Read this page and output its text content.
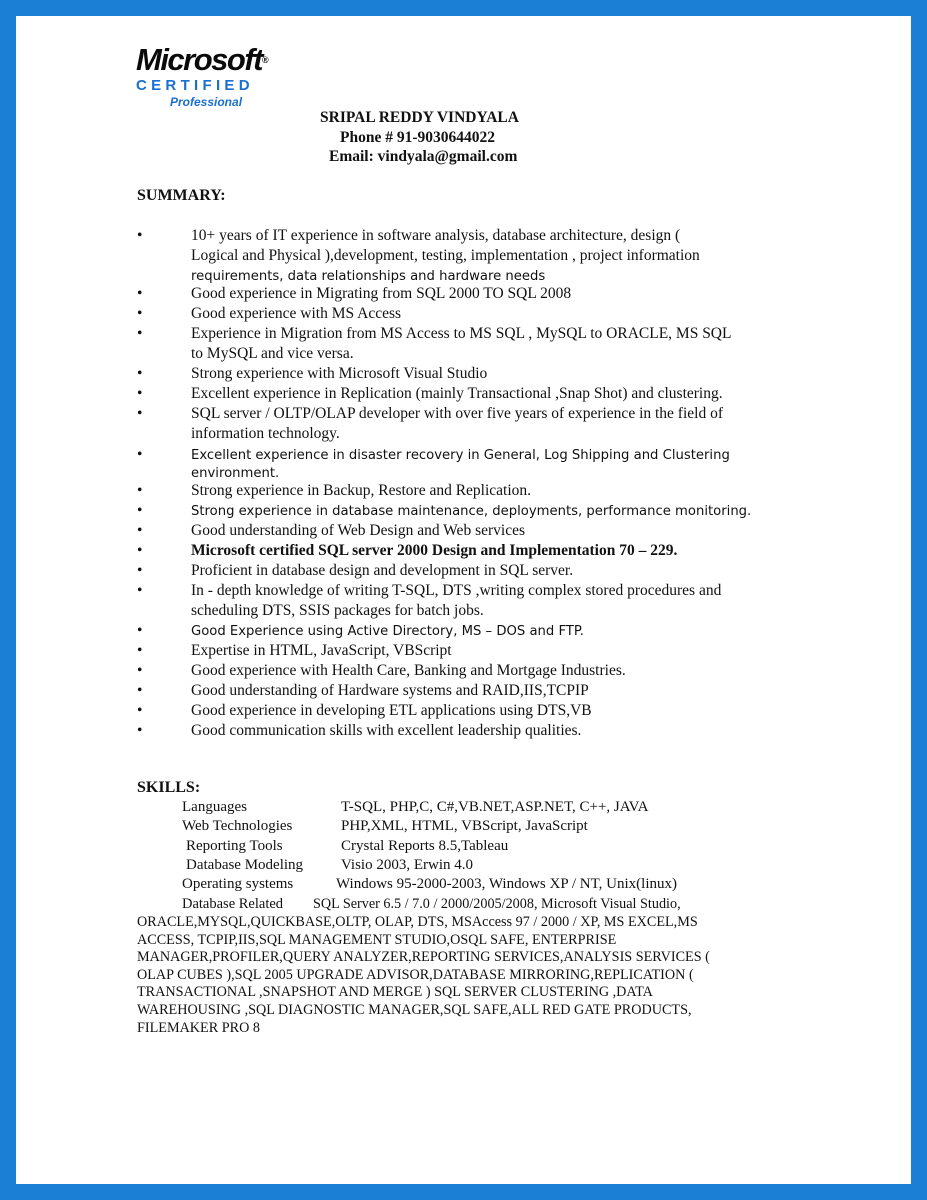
Microsoft®
CERTIFIED
Professional
SRIPAL REDDY VINDYALA
Phone # 91-9030644022
Email: vindyala@gmail.com
SUMMARY:
•	10+ years of IT experience in software analysis, database architecture, design (
Logical and Physical ),development, testing, implementation , project information
requirements, data relationships and hardware needs
•	Good experience in Migrating from SQL 2000 TO SQL 2008
•	Good experience with MS Access
•	Experience in Migration from MS Access to MS SQL , MySQL to ORACLE, MS SQL
to MySQL and vice versa.
•	Strong experience with Microsoft Visual Studio
•	Excellent experience in Replication (mainly Transactional ,Snap Shot) and clustering.
•	SQL server / OLTP/OLAP developer with over five years of experience in the field of
information technology.
•	Excellent experience in disaster recovery in General, Log Shipping and Clustering
environment.
•	Strong experience in Backup, Restore and Replication.
•	Strong experience in database maintenance, deployments, performance monitoring.
•	Good understanding of Web Design and Web services
•	Microsoft certified SQL server 2000 Design and Implementation 70 – 229.
•	Proficient in database design and development in SQL server.
•	In - depth knowledge of writing T-SQL, DTS ,writing complex stored procedures and
scheduling DTS, SSIS packages for batch jobs.
•	Good Experience using Active Directory, MS – DOS and FTP.
•	Expertise in HTML, JavaScript, VBScript
•	Good experience with Health Care, Banking and Mortgage Industries.
•	Good understanding of Hardware systems and RAID,IIS,TCPIP
•	Good experience in developing ETL applications using DTS,VB
•	Good communication skills with excellent leadership qualities.
SKILLS:
Languages	T-SQL, PHP,C, C#,VB.NET,ASP.NET, C++, JAVA
Web Technologies	PHP,XML, HTML, VBScript, JavaScript
Reporting Tools	Crystal Reports 8.5,Tableau
Database Modeling	Visio 2003, Erwin 4.0
Operating systems	Windows 95-2000-2003, Windows XP / NT, Unix(linux)
Database Related SQL Server 6.5 / 7.0 / 2000/2005/2008, Microsoft Visual Studio,
ORACLE,MYSQL,QUICKBASE,OLTP, OLAP, DTS, MSAccess 97 / 2000 / XP, MS EXCEL,MS
ACCESS, TCPIP,IIS,SQL MANAGEMENT STUDIO,OSQL SAFE, ENTERPRISE
MANAGER,PROFILER,QUERY ANALYZER,REPORTING SERVICES,ANALYSIS SERVICES (
OLAP CUBES ),SQL 2005 UPGRADE ADVISOR,DATABASE MIRRORING,REPLICATION (
TRANSACTIONAL ,SNAPSHOT AND MERGE ) SQL SERVER CLUSTERING ,DATA
WAREHOUSING ,SQL DIAGNOSTIC MANAGER,SQL SAFE,ALL RED GATE PRODUCTS,
FILEMAKER PRO 8
